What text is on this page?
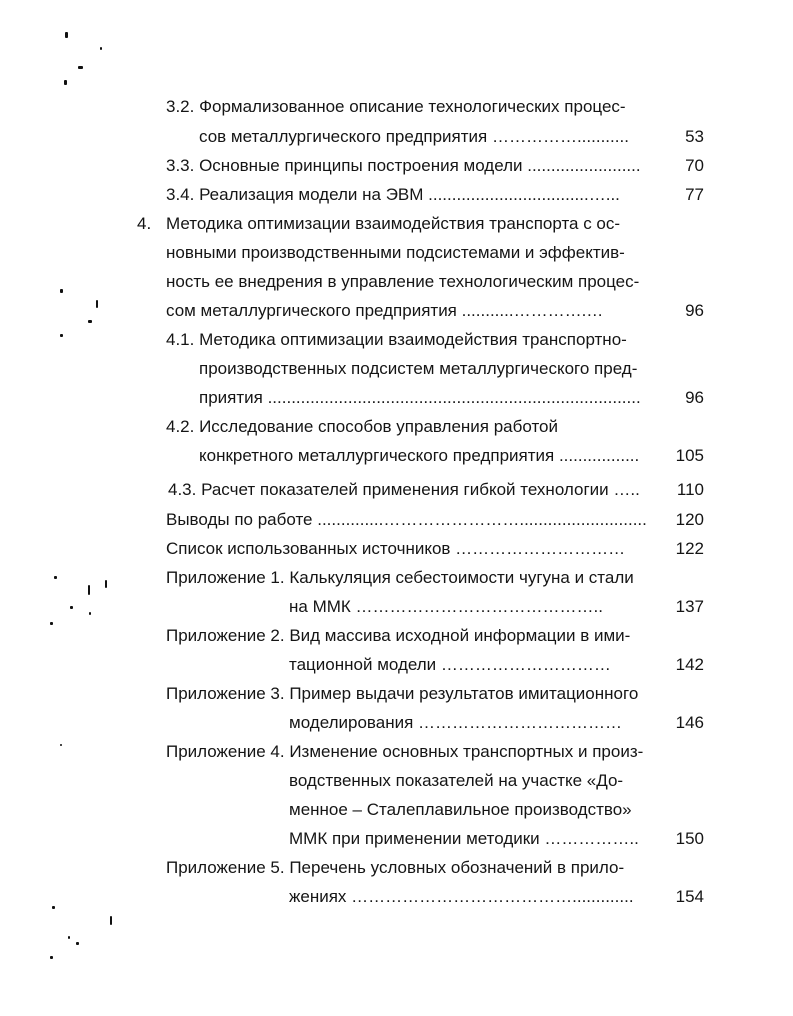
3.2. Формализованное описание технологических процес-
сов металлургического предприятия ……………...........	53
3.3. Основные принципы построения модели ........................	70
3.4. Реализация модели на ЭВМ ..................................…...	77
4. Методика оптимизации взаимодействия транспорта с ос-
новными производственными подсистемами и эффектив-
ность ее внедрения в управление технологическим процес-
сом металлургического предприятия ...........………….…	96
4.1. Методика оптимизации взаимодействия транспортно-
производственных подсистем металлургического пред-
приятия ...............................................................................	96
4.2. Исследование способов управления работой
конкретного металлургического предприятия .................	105
4.3. Расчет показателей применения гибкой технологии …..	110
Выводы по работе ..............……………………...........................	120
Список использованных источников …………………………	122
Приложение 1. Калькуляция себестоимости чугуна и стали
на ММК ……………………………………..	137
Приложение 2. Вид массива исходной информации в ими-
тационной модели …………………………	142
Приложение 3. Пример выдачи результатов имитационного
моделирования ………………………………	146
Приложение 4. Изменение основных транспортных и произ-
водственных показателей на участке «До-
менное – Сталеплавильное производство»
ММК при применении методики ……………..	150
Приложение 5. Перечень условных обозначений в прило-
жениях ………………………………….............	154
